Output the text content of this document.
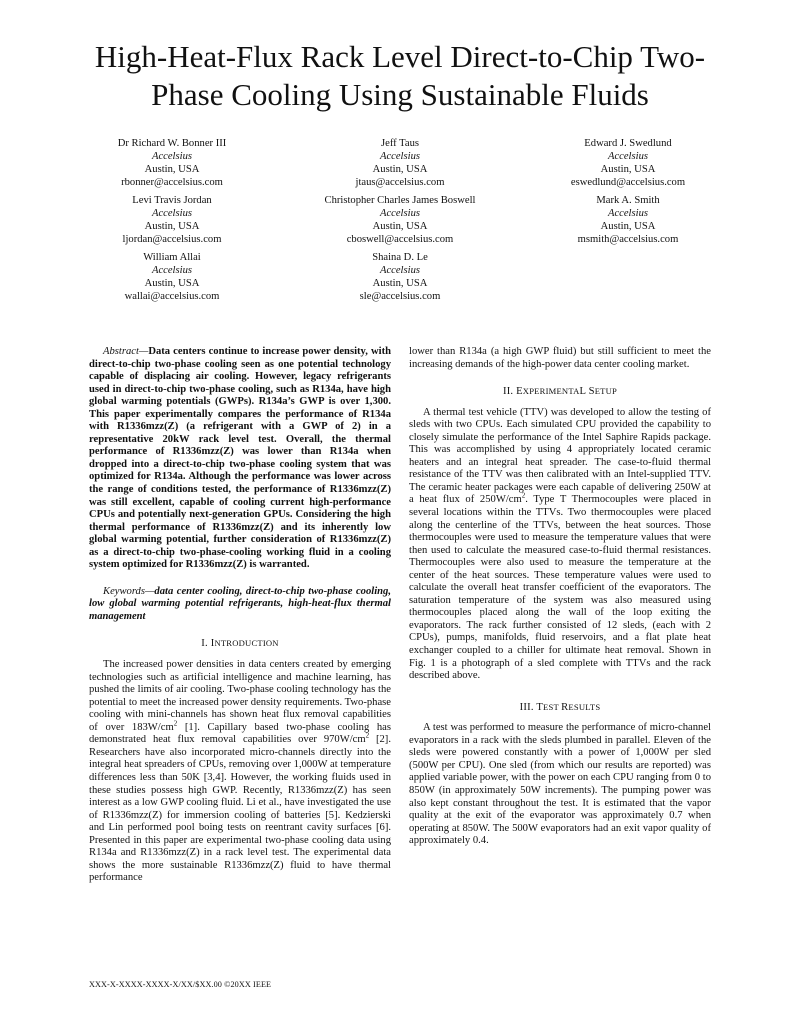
High-Heat-Flux Rack Level Direct-to-Chip Two-Phase Cooling Using Sustainable Fluids
Dr Richard W. Bonner III
Accelsius
Austin, USA
rbonner@accelsius.com
Jeff Taus
Accelsius
Austin, USA
jtaus@accelsius.com
Edward J. Swedlund
Accelsius
Austin, USA
eswedlund@accelsius.com
Levi Travis Jordan
Accelsius
Austin, USA
ljordan@accelsius.com
Christopher Charles James Boswell
Accelsius
Austin, USA
cboswell@accelsius.com
Mark A. Smith
Accelsius
Austin, USA
msmith@accelsius.com
William Allai
Accelsius
Austin, USA
wallai@accelsius.com
Shaina D. Le
Accelsius
Austin, USA
sle@accelsius.com

Abstract—Data centers continue to increase power density, with direct-to-chip two-phase cooling seen as one potential technology capable of displacing air cooling. However, legacy refrigerants used in direct-to-chip two-phase cooling, such as R134a, have high global warming potentials (GWPs). R134a’s GWP is over 1,300. This paper experimentally compares the performance of R134a with R1336mzz(Z) (a refrigerant with a GWP of 2) in a representative 20kW rack level test. Overall, the thermal performance of R1336mzz(Z) was lower than R134a when dropped into a direct-to-chip two-phase cooling system that was optimized for R134a. Although the performance was lower across the range of conditions tested, the performance of R1336mzz(Z) was still excellent, capable of cooling current high-performance CPUs and potentially next-generation GPUs. Considering the high thermal performance of R1336mzz(Z) and its inherently low global warming potential, further consideration of R1336mzz(Z) as a direct-to-chip two-phase-cooling working fluid in a cooling system optimized for R1336mzz(Z) is warranted.

Keywords—data center cooling, direct-to-chip two-phase cooling, low global warming potential refrigerants, high-heat-flux thermal management

I. INTRODUCTION

The increased power densities in data centers created by emerging technologies such as artificial intelligence and machine learning, has pushed the limits of air cooling. Two-phase cooling technology has the potential to meet the increased power density requirements. Two-phase cooling with mini-channels has shown heat flux removal capabilities of over $183W/cm^2$ [1]. Capillary based two-phase cooling has demonstrated heat flux removal capabilities over $970W/cm^2$ [2]. Researchers have also incorporated micro-channels directly into the integral heat spreaders of CPUs, removing over 1,000W at temperature differences less than 50K [3,4]. However, the working fluids used in these studies possess high GWP. Recently, R1336mzz(Z) has seen interest as a low GWP cooling fluid. Li et al., have investigated the use of R1336mzz(Z) for immersion cooling of batteries [5]. Kedzierski and Lin performed pool boing tests on reentrant cavity surfaces [6]. Presented in this paper are experimental two-phase cooling data using R134a and R1336mzz(Z) in a rack level test. The experimental data shows the more sustainable R1336mzz(Z) fluid to have thermal performance

lower than R134a (a high GWP fluid) but still sufficient to meet the increasing demands of the high-power data center cooling market.

II. EXPERIMENTAL SETUP

A thermal test vehicle (TTV) was developed to allow the testing of sleds with two CPUs. Each simulated CPU provided the capability to closely simulate the performance of the Intel Saphire Rapids package. This was accomplished by using 4 appropriately located ceramic heaters and an integral heat spreader. The case-to-fluid thermal resistance of the TTV was then calibrated with an Intel-supplied TTV. The ceramic heater packages were each capable of delivering 250W at a heat flux of $250W/cm^2$. Type T Thermocouples were placed in several locations within the TTVs. Two thermocouples were placed along the centerline of the TTVs, between the heat sources. Those thermocouples were used to measure the temperature values that were then used to calculate the measured case-to-fluid thermal resistances. Thermocouples were also used to measure the temperature at the center of the heat sources. These temperature values were used to calculate the overall heat transfer coefficient of the evaporators. The saturation temperature of the system was also measured using thermocouples placed along the wall of the loop exiting the evaporators. The rack further consisted of 12 sleds, (each with 2 CPUs), pumps, manifolds, fluid reservoirs, and a flat plate heat exchanger coupled to a chiller for ultimate heat removal. Shown in Fig. 1 is a photograph of a sled complete with TTVs and the rack described above.

III. TEST RESULTS

A test was performed to measure the performance of micro-channel evaporators in a rack with the sleds plumbed in parallel. Eleven of the sleds were powered constantly with a power of 1,000W per sled (500W per CPU). One sled (from which our results are reported) was applied variable power, with the power on each CPU ranging from 0 to 850W (in approximately 50W increments). The pumping power was also kept constant throughout the test. It is estimated that the vapor quality at the exit of the evaporator was approximately 0.7 when operating at 850W. The 500W evaporators had an exit vapor quality of approximately 0.4.

XXX-X-XXXX-XXXX-X/XX/$XX.00 ©20XX IEEE
